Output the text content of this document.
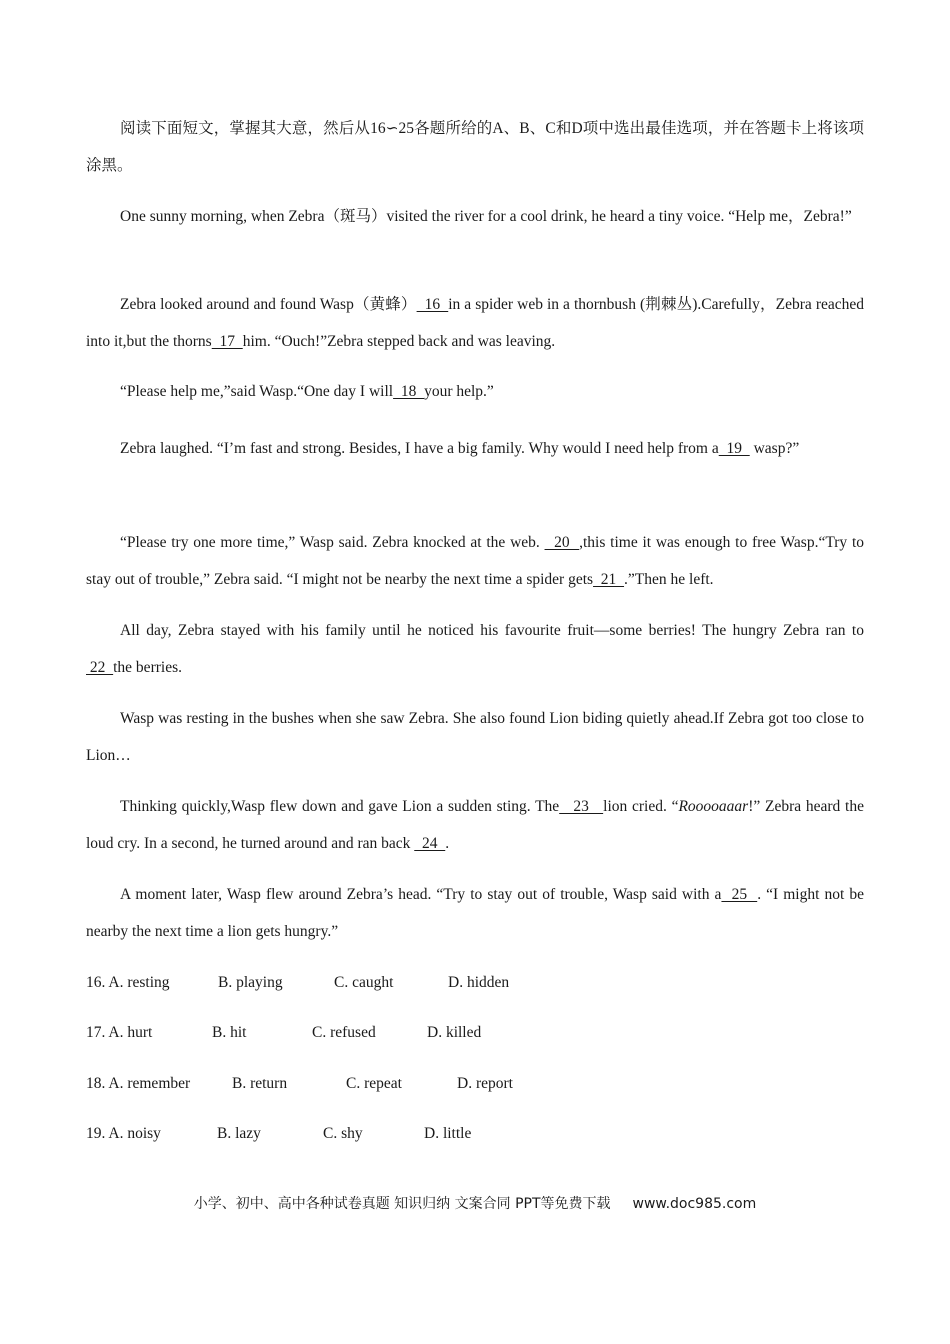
阅读下面短文，掌握其大意，然后从16∽25各题所给的A、B、C和D项中选出最佳选项，并在答题卡上将该项涂黑。

One sunny morning, when Zebra（斑马）visited the river for a cool drink, he heard a tiny voice. “Help me，Zebra!”

Zebra looked around and found Wasp（黄蜂）  16  in a spider web in a thornbush (荆棘丛).Carefully，Zebra reached into it,but the thorns  17  him. “Ouch!”Zebra stepped back and was leaving.

“Please help me,”said Wasp.“One day I will  18  your help.”

Zebra laughed. “I’m fast and strong. Besides, I have a big family. Why would I need help from a  19   wasp?”

“Please try one more time,” Wasp said. Zebra knocked at the web.   20  ,this time it was enough to free Wasp.“Try to stay out of trouble,” Zebra said. “I might not be nearby the next time a spider gets  21  .”Then he left.

All day, Zebra stayed with his family until he noticed his favourite fruit—some berries! The hungry Zebra ran to  22  the berries.

Wasp was resting in the bushes when she saw Zebra. She also found Lion biding quietly ahead.If Zebra got too close to Lion…

Thinking quickly,Wasp flew down and gave Lion a sudden sting. The   23   lion cried. “Rooooaaar!” Zebra heard the loud cry. In a second, he turned around and ran back   24  .

A moment later, Wasp flew around Zebra’s head. “Try to stay out of trouble, Wasp said with a  25  . “I might not be nearby the next time a lion gets hungry.”

16. A. resting	B. playing	C. caught	D. hidden
17. A. hurt	B. hit	C. refused	D. killed
18. A. remember	B. return	C. repeat	D. report
19. A. noisy	B. lazy	C. shy	D. little
小学、初中、高中各种试卷真题 知识归纳 文案合同 PPT等免费下载 www.doc985.com
